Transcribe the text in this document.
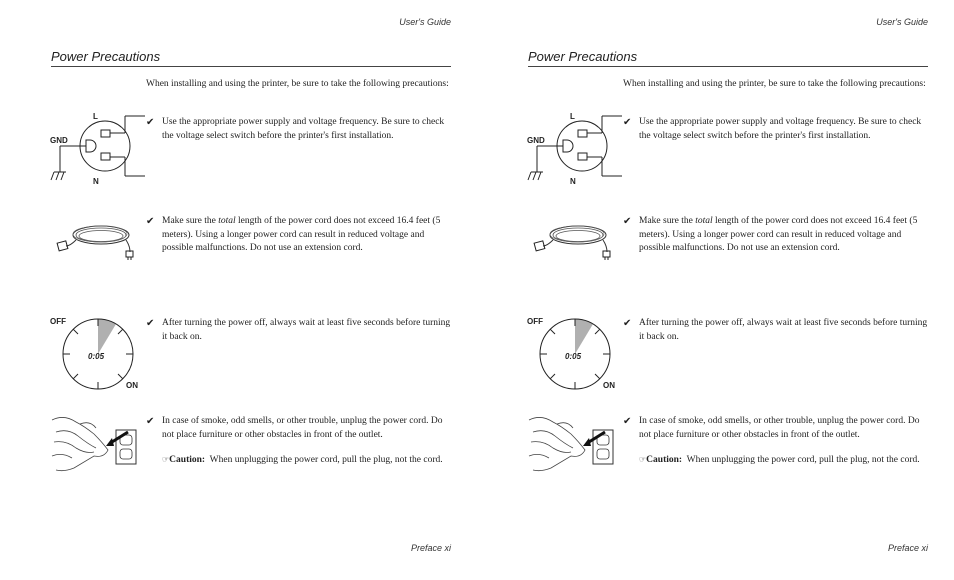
User's Guide
Power Precautions
When installing and using the printer, be sure to take the following precautions:
L
GND
N
✔ Use the appropriate power supply and voltage frequency. Be sure to check the voltage select switch before the printer's first installation.
✔ Make sure the total length of the power cord does not exceed 16.4 feet (5 meters). Using a longer power cord can result in reduced voltage and possible malfunctions. Do not use an extension cord.
OFF
ON
0:05
✔ After turning the power off, always wait at least five seconds before turning it back on.
✔ In case of smoke, odd smells, or other trouble, unplug the power cord. Do not place furniture or other obstacles in front of the outlet.
☞Caution: When unplugging the power cord, pull the plug, not the cord.
Preface xi
User's Guide
Power Precautions
When installing and using the printer, be sure to take the following precautions:
L
GND
N
✔ Use the appropriate power supply and voltage frequency. Be sure to check the voltage select switch before the printer's first installation.
✔ Make sure the total length of the power cord does not exceed 16.4 feet (5 meters). Using a longer power cord can result in reduced voltage and possible malfunctions. Do not use an extension cord.
OFF
ON
0:05
✔ After turning the power off, always wait at least five seconds before turning it back on.
✔ In case of smoke, odd smells, or other trouble, unplug the power cord. Do not place furniture or other obstacles in front of the outlet.
☞Caution: When unplugging the power cord, pull the plug, not the cord.
Preface xi
